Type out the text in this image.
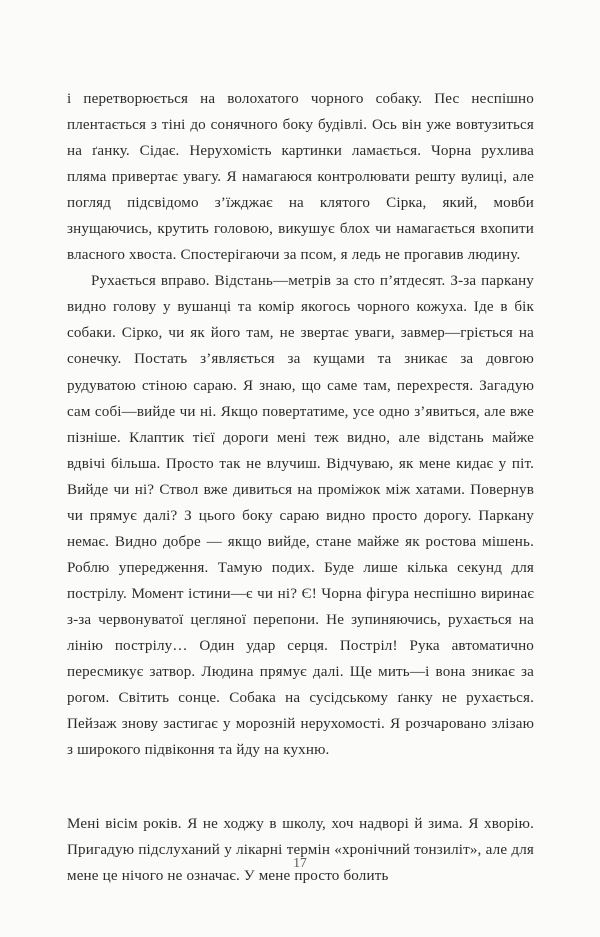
і перетворюється на волохатого чорного собаку. Пес неспішно плентається з тіні до сонячного боку будівлі. Ось він уже вовтузиться на ґанку. Сідає. Нерухомість картинки ламається. Чорна рухлива пляма привертає увагу. Я намагаюся контролювати решту вулиці, але погляд підсвідомо з’їжджає на клятого Сірка, який, мовби знущаючись, крутить головою, викушує блох чи намагається вхопити власного хвоста. Спостерігаючи за псом, я ледь не прогавив людину.

Рухається вправо. Відстань—метрів за сто п’ятдесят. З-за паркану видно голову у вушанці та комір якогось чорного кожуха. Іде в бік собаки. Сірко, чи як його там, не звертає уваги, завмер—гріється на сонечку. Постать з’являється за кущами та зникає за довгою рудуватою стіною сараю. Я знаю, що саме там, перехрестя. Загадую сам собі—вийде чи ні. Якщо повертатиме, усе одно з’явиться, але вже пізніше. Клаптик тієї дороги мені теж видно, але відстань майже вдвічі більша. Просто так не влучиш. Відчуваю, як мене кидає у піт. Вийде чи ні? Ствол вже дивиться на проміжок між хатами. Повернув чи прямує далі? З цього боку сараю видно просто дорогу. Паркану немає. Видно добре — якщо вийде, стане майже як ростова мішень. Роблю упередження. Тамую подих. Буде лише кілька секунд для пострілу. Момент істини—є чи ні? Є! Чорна фігура неспішно виринає з-за червонуватої цегляної перепони. Не зупиняючись, рухається на лінію пострілу… Один удар серця. Постріл! Рука автоматично пересмикує затвор. Людина прямує далі. Ще мить—і вона зникає за рогом. Світить сонце. Собака на сусідському ґанку не рухається. Пейзаж знову застигає у морозній нерухомості. Я розчаровано злізаю з широкого підвіконня та йду на кухню.

Мені вісім років. Я не ходжу в школу, хоч надворі й зима. Я хворію. Пригадую підслуханий у лікарні термін «хронічний тонзиліт», але для мене це нічого не означає. У мене просто болить

17
